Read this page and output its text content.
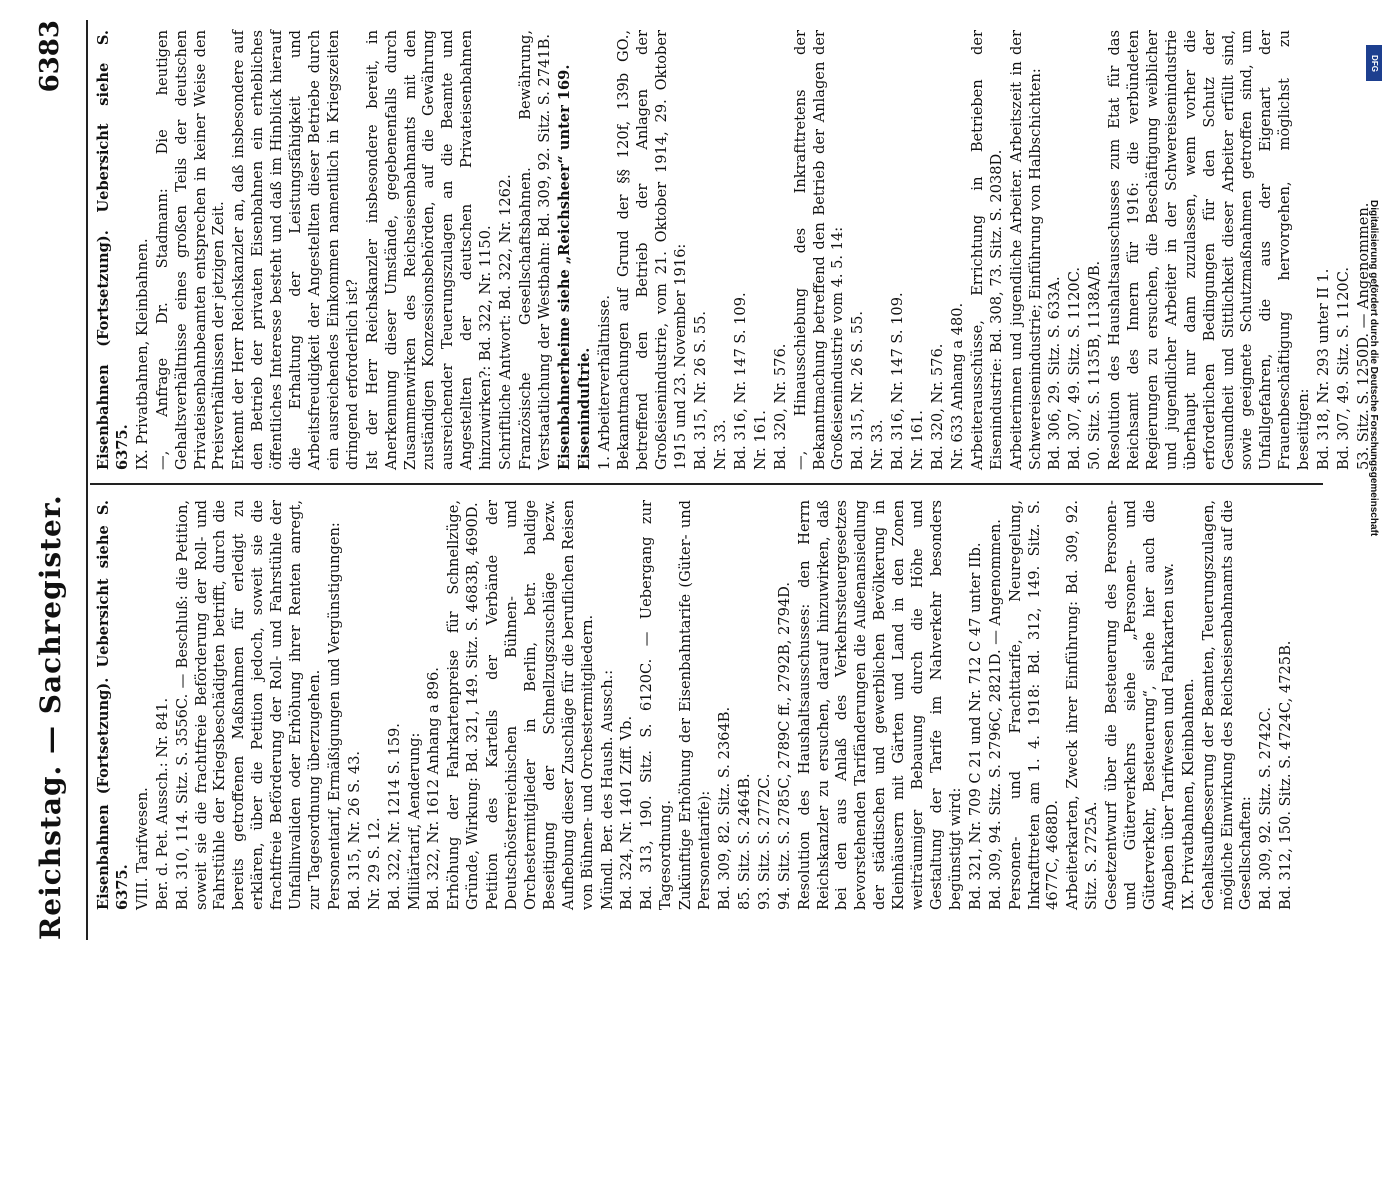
Reichstag. — Sachregister.
6383

Eisenbahnen (Fortsetzung). Uebersicht siehe S. 6375. VIII. Tarifwesen. Ber. d. Pet. Aussch.: Nr. 841. Bd. 310, 114. Sitz. S. 3556C. — Beschluß: die Petition, soweit sie die frachtfreie Beförderung der Roll- und Fahrstühle der Kriegsbeschädigten betrifft, durch die bereits getroffenen Maßnahmen für erledigt zu erklären, über die Petition jedoch, soweit sie die frachtfreie Beförderung der Roll- und Fahrstühle der Unfallinvaliden oder Erhöhung ihrer Renten anregt, zur Tagesordnung überzugehen. Personentarif, Ermäßigungen und Vergünstigungen: Bd. 315, Nr. 26 S. 43. Nr. 29 S. 12. Bd. 322, Nr. 1214 S. 159. Militärtarif, Aenderung: Bd. 322, Nr. 1612 Anhang a 896. Erhöhung der Fahrkartenpreise für Schnellzüge, Gründe, Wirkung: Bd. 321, 149. Sitz. S. 4683B, 4690D. Petition des Kartells der Verbände der Deutschösterreichischen Bühnen- und Orchestermitglieder in Berlin, betr. baldige Beseitigung der Schnellzugszuschläge bezw. Aufhebung dieser Zuschläge für die beruflichen Reisen von Bühnen- und Orchestermitgliedern. Mündl. Ber. des Haush. Aussch.: Bd. 324, Nr. 1401 Ziff. Vb. Bd. 313, 190. Sitz. S. 6120C. — Uebergang zur Tagesordnung. Zukünftige Erhöhung der Eisenbahntarife (Güter- und Personentarife): Bd. 309, 82. Sitz. S. 2364B. 85. Sitz. S. 2464B. 93. Sitz. S. 2772C. 94. Sitz. S. 2785C, 2789C ff., 2792B, 2794D. Resolution des Haushaltsausschusses: den Herrn Reichskanzler zu ersuchen, darauf hinzuwirken, daß bei den aus Anlaß des Verkehrssteuergesetzes bevorstehenden Tarifänderungen die Außenansiedlung der städtischen und gewerblichen Bevölkerung in Kleinhäusern mit Gärten und Land in den Zonen weiträumiger Bebauung durch die Höhe und Gestaltung der Tarife im Nahverkehr besonders begünstigt wird: Bd. 321, Nr. 709 C 21 und Nr. 712 C 47 unter IIb. Bd. 309, 94. Sitz. S. 2796C, 2821D. — Angenommen. Personen- und Frachttarife, Neuregelung, Inkrafttreten am 1. 4. 1918: Bd. 312, 149. Sitz. S. 4677C, 4688D. Arbeiterkarten, Zweck ihrer Einführung: Bd. 309, 92. Sitz. S. 2725A. Gesetzentwurf über die Besteuerung des Personen- und Güterverkehrs siehe „Personen- und Güterverkehr, Besteuerung“, siehe hier auch die Angaben über Tarifwesen und Fahrkarten usw. IX. Privatbahnen, Kleinbahnen. Gehaltsaufbesserung der Beamten, Teuerungszulagen, mögliche Einwirkung des Reichseisenbahnamts auf die Gesellschaften: Bd. 309, 92. Sitz. S. 2742C. Bd. 312, 150. Sitz. S. 4724C, 4725B.

Eisenbahnen (Fortsetzung). Uebersicht siehe S. 6375. IX. Privatbahnen, Kleinbahnen. —, Anfrage Dr. Stadmann: Die heutigen Gehaltsverhältnisse eines großen Teils der deutschen Privateisenbahnbeamten entsprechen in keiner Weise den Preisverhältnissen der jetzigen Zeit. Erkennt der Herr Reichskanzler an, daß insbesondere auf den Betrieb der privaten Eisenbahnen ein erhebliches öffentliches Interesse besteht und daß im Hinblick hierauf die Erhaltung der Leistungsfähigkeit und Arbeitsfreudigkeit der Angestellten dieser Betriebe durch ein ausreichendes Einkommen namentlich in Kriegszeiten dringend erforderlich ist? Ist der Herr Reichskanzler insbesondere bereit, in Anerkennung dieser Umstände, gegebenenfalls durch Zusammenwirken des Reichseisenbahnamts mit den zuständigen Konzessionsbehörden, auf die Gewährung ausreichender Teuerungszulagen an die Beamte und Angestellten der deutschen Privateisenbahnen hinzuwirken?: Bd. 322, Nr. 1150. Schriftliche Antwort: Bd. 322, Nr. 1262. Französische Gesellschaftsbahnen. Bewährung, Verstaatlichung der Westbahn: Bd. 309, 92. Sitz. S. 2741B. Eisenbahnerheime siehe „Reichsheer“ unter 169. Eiseninduſtrie. 1. Arbeiterverhältnisse. Bekanntmachungen auf Grund der §§ 120f, 139b GO., betreffend den Betrieb der Anlagen der Großeisenindustrie, vom 21. Oktober 1914, 29. Oktober 1915 und 23. November 1916: Bd. 315, Nr. 26 S. 55. Nr. 33. Bd. 316, Nr. 147 S. 109. Nr. 161. Bd. 320, Nr. 576. —, Hinausschiebung des Inkrafttretens der Bekanntmachung betreffend den Betrieb der Anlagen der Großeisenindustrie vom 4. 5. 14: Bd. 315, Nr. 26 S. 55. Nr. 33. Bd. 316, Nr. 147 S. 109. Nr. 161. Bd. 320, Nr. 576. Nr. 633 Anhang a 480. Arbeiterausschüsse, Errichtung in Betrieben der Eisenindustrie: Bd. 308, 73. Sitz. S. 2038D. Arbeiterinnen und jugendliche Arbeiter. Arbeitszeit in der Schwereisenindustrie; Einführung von Halbschichten: Bd. 306, 29. Sitz. S. 633A. Bd. 307, 49. Sitz. S. 1120C. 50. Sitz. S. 1135B, 1138A/B. Resolution des Haushaltsausschusses zum Etat für das Reichsamt des Innern für 1916: die verbündeten Regierungen zu ersuchen, die Beschäftigung weiblicher und jugendlicher Arbeiter in der Schwereisenindustrie überhaupt nur dann zuzulassen, wenn vorher die erforderlichen Bedingungen für den Schutz der Gesundheit und Sittlichkeit dieser Arbeiter erfüllt sind, sowie geeignete Schutzmaßnahmen getroffen sind, um Unfallgefahren, die aus der Eigenart der Frauenbeschäftigung hervorgehen, möglichst zu beseitigen: Bd. 318, Nr. 293 unter II 1. Bd. 307, 49. Sitz. S. 1120C. 53. Sitz. S. 1250D. — Angenommen.

DFG
Digitalisierung gefördert durch die Deutsche Forschungsgemeinschaft
